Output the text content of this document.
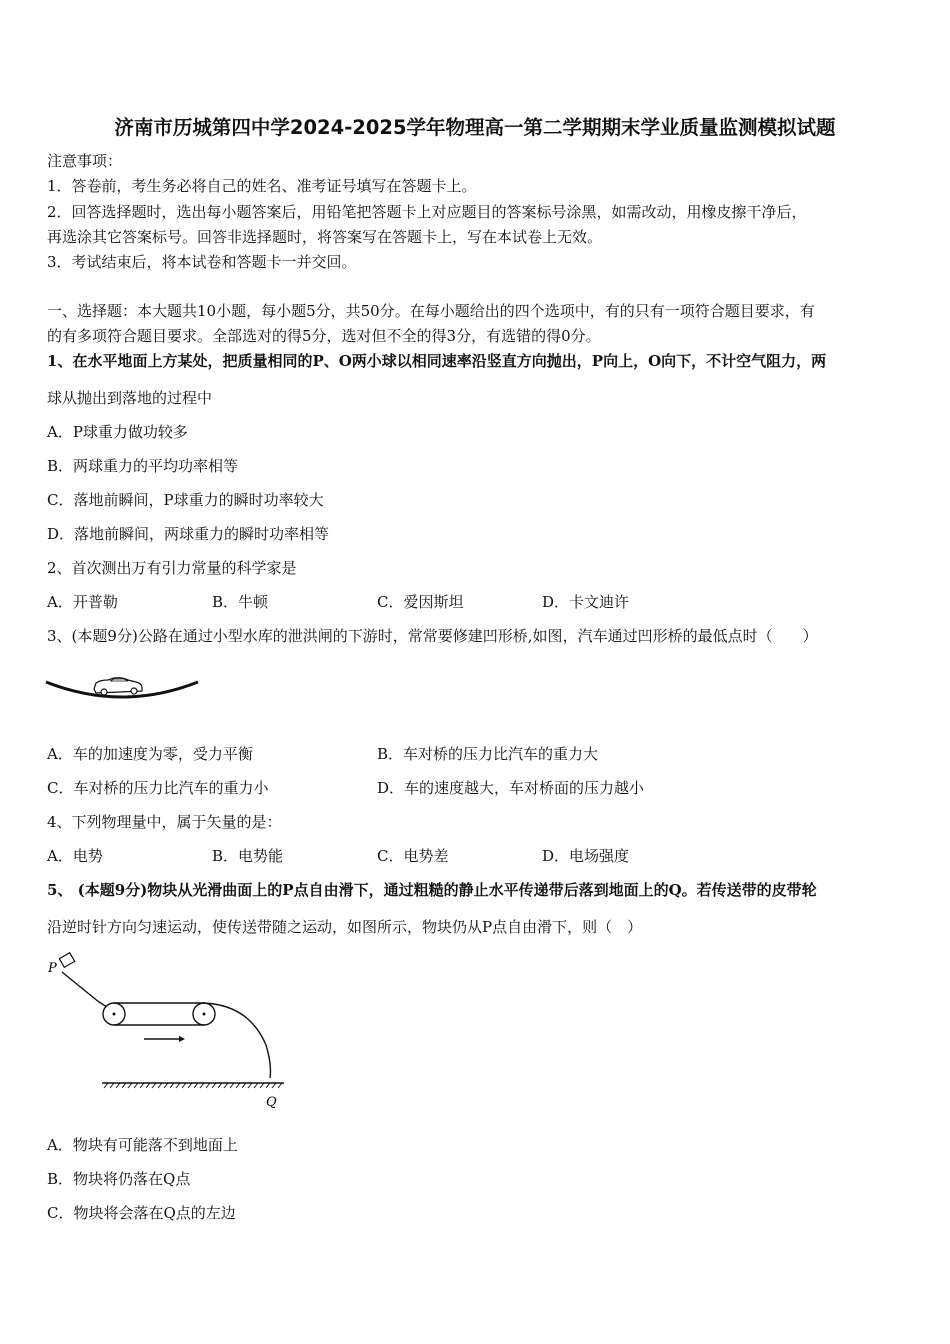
济南市历城第四中学2024-2025学年物理高一第二学期期末学业质量监测模拟试题
注意事项：
1．答卷前，考生务必将自己的姓名、准考证号填写在答题卡上。
2．回答选择题时，选出每小题答案后，用铅笔把答题卡上对应题目的答案标号涂黑，如需改动，用橡皮擦干净后，
再选涂其它答案标号。回答非选择题时，将答案写在答题卡上，写在本试卷上无效。
3．考试结束后，将本试卷和答题卡一并交回。
一、选择题：本大题共10小题，每小题5分，共50分。在每小题给出的四个选项中，有的只有一项符合题目要求，有
的有多项符合题目要求。全部选对的得5分，选对但不全的得3分，有选错的得0分。
1、在水平地面上方某处，把质量相同的P、O两小球以相同速率沿竖直方向抛出，P向上，O向下，不计空气阻力，两
球从抛出到落地的过程中
A．P球重力做功较多
B．两球重力的平均功率相等
C．落地前瞬间，P球重力的瞬时功率较大
D．落地前瞬间，两球重力的瞬时功率相等
2、首次测出万有引力常量的科学家是
A．开普勒	B．牛顿	C．爱因斯坦	D．卡文迪许
3、(本题9分)公路在通过小型水库的泄洪闸的下游时，常常要修建凹形桥,如图，汽车通过凹形桥的最低点时（　　）
A．车的加速度为零，受力平衡	B．车对桥的压力比汽车的重力大
C．车对桥的压力比汽车的重力小	D．车的速度越大，车对桥面的压力越小
4、下列物理量中，属于矢量的是：
A．电势	B．电势能	C．电势差	D．电场强度
5、 (本题9分)物块从光滑曲面上的P点自由滑下，通过粗糙的静止水平传递带后落到地面上的Q。若传送带的皮带轮
沿逆时针方向匀速运动，使传送带随之运动，如图所示，物块仍从P点自由滑下，则（　）
P
Q
A．物块有可能落不到地面上
B．物块将仍落在Q点
C．物块将会落在Q点的左边
